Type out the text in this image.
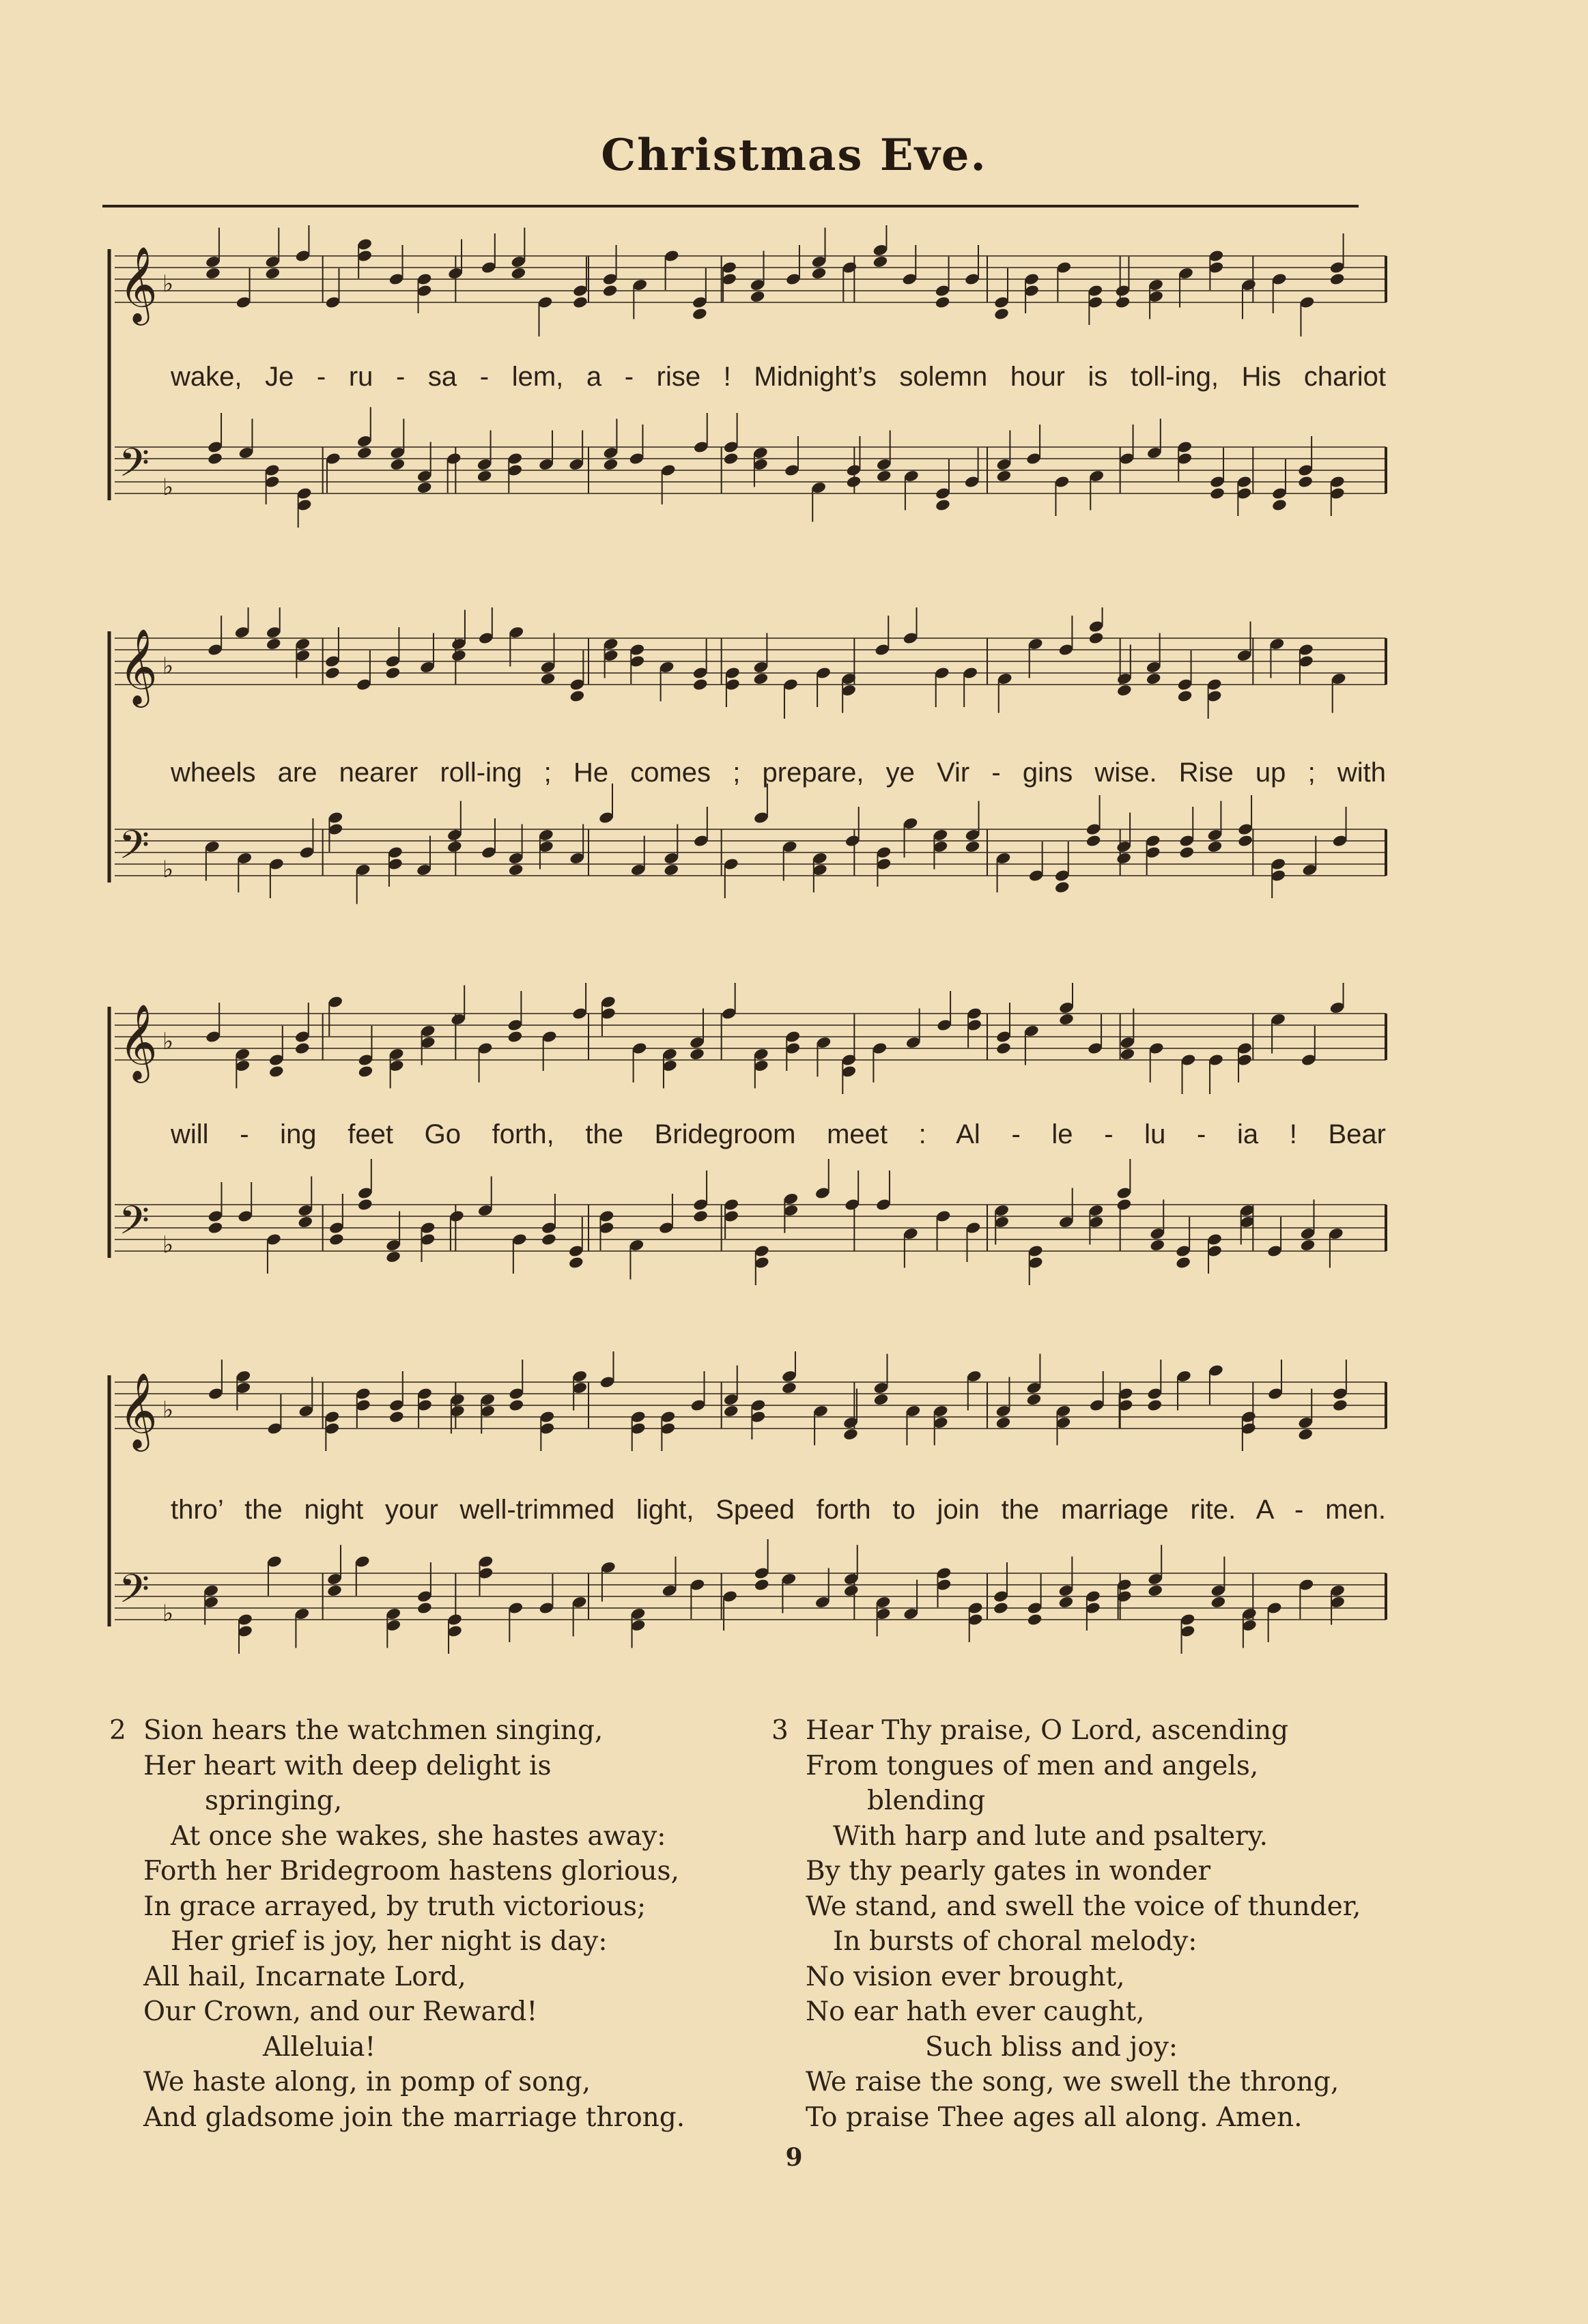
Christmas Eve.
𝄞 ♭
𝄢 ♭
wake, Je - ru - sa - lem, a - rise ! Midnight’s solemn hour is toll-ing, His chariot
𝄞 ♭
𝄢 ♭
wheels are nearer roll-ing ; He comes ; prepare, ye Vir - gins wise. Rise up ; with
𝄞 ♭
𝄢 ♭
will - ing feet Go forth, the Bridegroom meet : Al - le - lu - ia ! Bear
𝄞 ♭
𝄢 ♭
thro’ the night your well-trimmed light, Speed forth to join the marriage rite. A - men.
2 Sion hears the watchmen singing,
Her heart with deep delight is
springing,
At once she wakes, she hastes away:
Forth her Bridegroom hastens glorious,
In grace arrayed, by truth victorious;
Her grief is joy, her night is day:
All hail, Incarnate Lord,
Our Crown, and our Reward!
Alleluia!
We haste along, in pomp of song,
And gladsome join the marriage throng.
3 Hear Thy praise, O Lord, ascending
From tongues of men and angels,
blending
With harp and lute and psaltery.
By thy pearly gates in wonder
We stand, and swell the voice of thunder,
In bursts of choral melody:
No vision ever brought,
No ear hath ever caught,
Such bliss and joy:
We raise the song, we swell the throng,
To praise Thee ages all along. Amen.
9
